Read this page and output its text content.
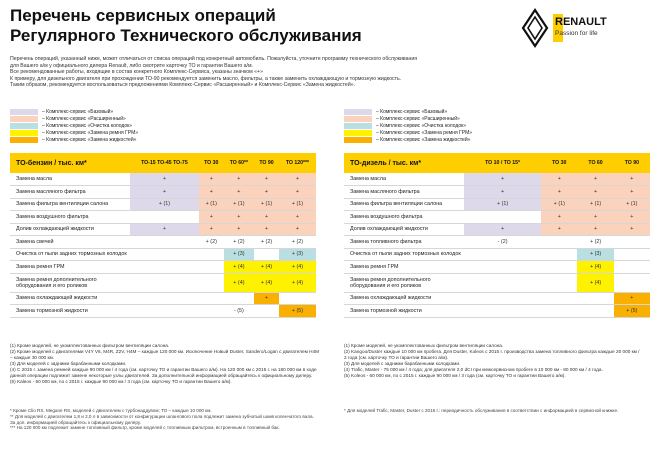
Перечень сервисных операций
Регулярного Технического обслуживания
RENAULT
Passion for life
Перечень операций, указанный ниже, может отличаться от списка операций под конкретный автомобиль. Пожалуйста, уточните программу технического обслуживания
для Вашего а/м у официального дилера Renault, либо смотрите карточку ТО и гарантии Вашего а/м.
Все рекомендованные работы, входящие в состав конкретного Комплекс-Сервиса, указаны значком «+»
К примеру, для дизельного двигателя при прохождении ТО-90 рекомендуется заменить масло, фильтры, а также заменить охлаждающую и тормозную жидкость.
Таким образом, рекомендуется воспользоваться предложениями Комплекс-Сервис «Расширенный» и Комплекс-Сервис «Замена жидкостей».
– Комплекс-сервис «Базовый»
– Комплекс-сервис «Расширенный»
– Комплекс-сервис «Очистка колодок»
– Комплекс-сервис «Замена ремня ГРМ»
– Комплекс-сервис «Замена жидкостей»
– Комплекс-сервис «Базовый»
– Комплекс-сервис «Расширенный»
– Комплекс-сервис «Очистка колодок»
– Комплекс-сервис «Замена ремня ГРМ»
– Комплекс-сервис «Замена жидкостей»
ТО-бензин / тыс. км*	ТО-15 ТО-45 ТО-75	ТО 30	ТО 60**	ТО 90	ТО 120***
Замена масла	+	+	+	+	+
Замена масляного фильтра	+	+	+	+	+
Замена фильтра вентиляции салона	+ (1)	+ (1)	+ (1)	+ (1)	+ (1)
Замена воздушного фильтра		+	+	+	+
Долив охлаждающей жидкости	+	+	+	+	+
Замена свечей		+ (2)	+ (2)	+ (2)	+ (2)
Очистка от пыли задних тормозных колодок			+ (3)		+ (3)
Замена ремня ГРМ			+ (4)	+ (4)	+ (4)
Замена ремня дополнительного оборудования и его роликов			+ (4)	+ (4)	+ (4)
Замена охлаждающей жидкости				+	
Замена тормозной жидкости			- (5)		+ (5)
ТО-дизель / тыс. км*	ТО 10 / ТО 15*	ТО 30	ТО 60	ТО 90
Замена масла	+	+	+	+
Замена масляного фильтра	+	+	+	+
Замена фильтра вентиляции салона	+ (1)	+ (1)	+ (1)	+ (1)
Замена воздушного фильтра		+	+	+
Долив охлаждающей жидкости	+	+	+	+
Замена топливного фильтра	- (2)		+ (2)	
Очистка от пыли задних тормозных колодок			+ (3)	
Замена ремня ГРМ			+ (4)	
Замена ремня дополнительного оборудования и его роликов			+ (4)	
Замена охлаждающей жидкости				+
Замена тормозной жидкости				+ (5)
(1) Кроме моделей, не укомплектованных фильтром вентиляции салона.
(2) Кроме моделей с двигателями V4Y V6, M4R, Z2V, H4M – каждые 120 000 км. Исключение Новый Duster, Sandero/Logan с двигателем H4M – каждые 30 000 км.
(3) Для моделей с задними барабанными колодками.
(4) С 2015 г. замена ремней каждые 90 000 км / 4 года (см. карточку ТО и гарантии Вашего а/м). На 120 000 км с 2015 г. на 180 000 км в ходе данной операции подлежит замене некоторые узлы двигателей. За дополнительной информацией обращайтесь к официальному дилеру.
(5) Kaleos - 60 000 км, по с 2015 г. каждые 90 000 км / 3 года (см. карточку ТО и гарантии Вашего а/м).
(1) Кроме моделей, не укомплектованных фильтром вентиляции салона.
(2) Kangoo/Duster каждые 10 000 км пробега. Для Duster, Koleos с 2015 г. производства замена топливного фильтра каждые 20 000 км / 2 года (см. карточку ТО и гарантии Вашего а/м).
(3) Для моделей с задними барабанными колодками.
(4) Trafic, Master - 75 000 км / 4 года; для двигателя 2,0 dCI при межсервисном пробеге в 10 000 км - 80 000 км / 4 года.
(5) Koleos - 60 000 км, по с 2015 г. каждые 90 000 км / 3 года (см. карточку ТО и гарантии Вашего а/м).
* Кроме Clio RS, Megane RS, моделей с двигателем с турбонаддувом; ТО – каждые 10 000 км.
** Для моделей с двигателем 1,8 и 2,0 л в зависимости от конфигурации шлангового пола подлежит замена зубчатый шкив коленчатого вала. За доп. информацией обращайтесь к официальному дилеру.
*** На 120 000 км подлежит замене топливный фильтр, кроме моделей с топливным фильтром, встроенным в топливный бак.
* Для моделей Trafic, Master, Duster с 2016 г.: периодичность обслуживания в соответствии с информацией в сервисной книжке.
